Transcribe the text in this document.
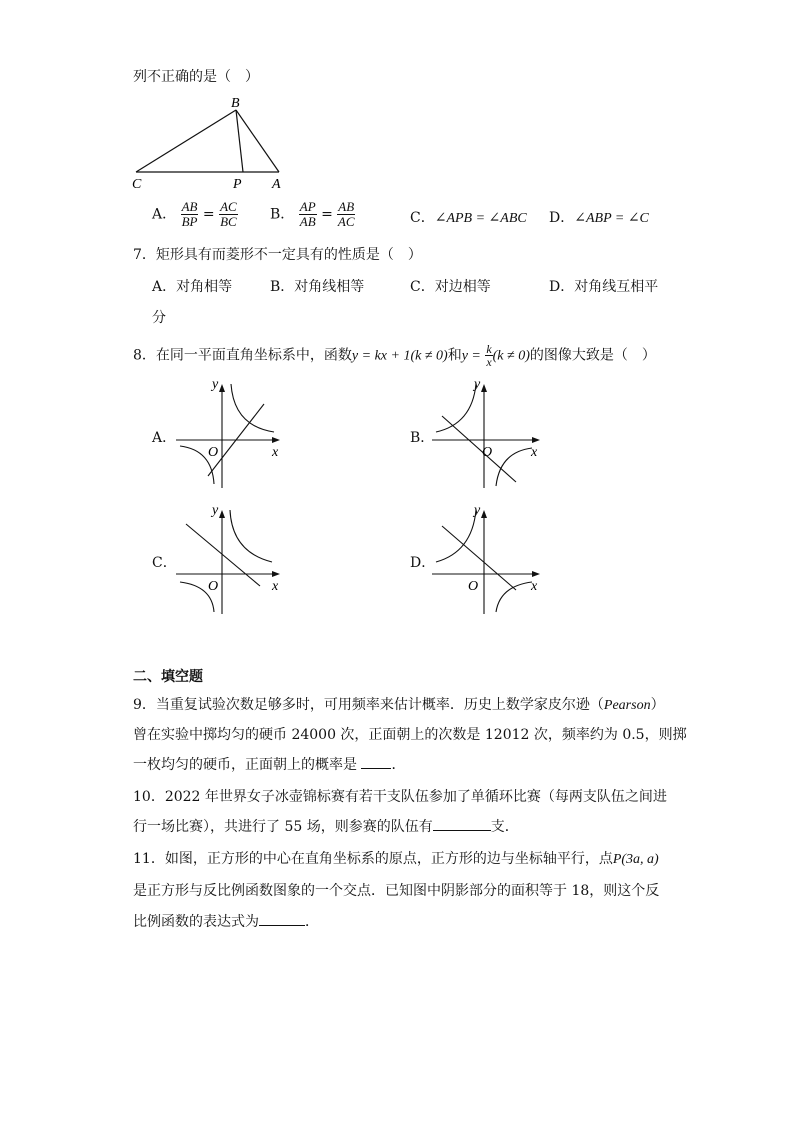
列不正确的是（　）
B
C	P A
A． $\frac{AB}{BP} = \frac{AC}{BC}$ B． $\frac{AP}{AB} = \frac{AB}{AC}$	C．∠APB = ∠ABC D．∠ABP = ∠C
7．矩形具有而菱形不一定具有的性质是（　）
A．对角相等	B．对角线相等	C．对边相等	D．对角线互相平
分
8．在同一平面直角坐标系中，函数y = kx + 1(k ≠ 0)和$y = \frac{k}{x} (k \ne 0)$的图像大致是（　）
A．
y
O	x
B．
y
O	x
C．
y
O	x
D．
y
O	x
二、填空题
9．当重复试验次数足够多时，可用频率来估计概率．历史上数学家皮尔逊（Pearson）
曾在实验中掷均匀的硬币 24000 次，正面朝上的次数是 12012 次，频率约为 0.5，则掷
一枚均匀的硬币，正面朝上的概率是 ．
10．2022 年世界女子冰壶锦标赛有若干支队伍参加了单循环比赛（每两支队伍之间进
行一场比赛），共进行了 55 场，则参赛的队伍有	支．
11．如图，正方形的中心在直角坐标系的原点，正方形的边与坐标轴平行，点P(3a, a)
是正方形与反比例函数图象的一个交点．已知图中阴影部分的面积等于 18，则这个反
比例函数的表达式为	．
